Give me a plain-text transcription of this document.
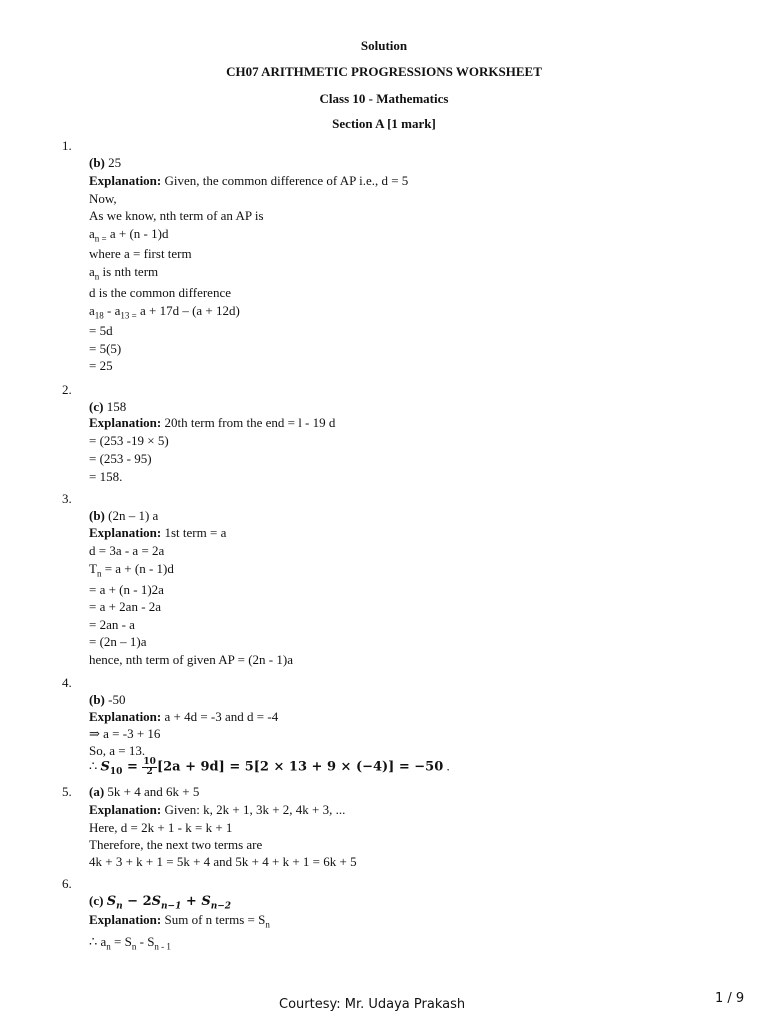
Solution
CH07 ARITHMETIC PROGRESSIONS WORKSHEET
Class 10 - Mathematics
Section A [1 mark]
1.
(b) 25
Explanation: Given, the common difference of AP i.e., d = 5
Now,
As we know, nth term of an AP is
$a_{n =}$ a + (n - 1)d
where a = first term
$a_n$ is nth term
d is the common difference
$a_{18} - a_{13 =}$ a + 17d – (a + 12d)
= 5d
= 5(5)
= 25
2.
(c) 158
Explanation: 20th term from the end = l - 19 d
= (253 -19 × 5)
= (253 - 95)
= 158.
3.
(b) (2n – 1) a
Explanation: 1st term = a
d = 3a - a = 2a
$T_n = a + (n - 1)d$
= a + (n - 1)2a
= a + 2an - 2a
= 2an - a
= (2n – 1)a
hence, nth term of given AP = (2n - 1)a
4.
(b) -50
Explanation: a + 4d = -3 and d = -4
⇒ a = -3 + 16
So, a = 13.
∴ $S_{10} = \frac{10}{2} [2a + 9d] = 5[2 \times 13 + 9 \times (-4)] = -50$ .
5. (a) 5k + 4 and 6k + 5
Explanation: Given: k, 2k + 1, 3k + 2, 4k + 3, ...
Here, d = 2k + 1 - k = k + 1
Therefore, the next two terms are
4k + 3 + k + 1 = 5k + 4 and 5k + 4 + k + 1 = 6k + 5
6.
(c) $S_n - 2S_{n-1} + S_{n-2}$
Explanation: Sum of n terms = $S_n$
∴ $a_n = S_n - S_{n - 1}$
Courtesy: Mr. Udaya Prakash	1 / 9
